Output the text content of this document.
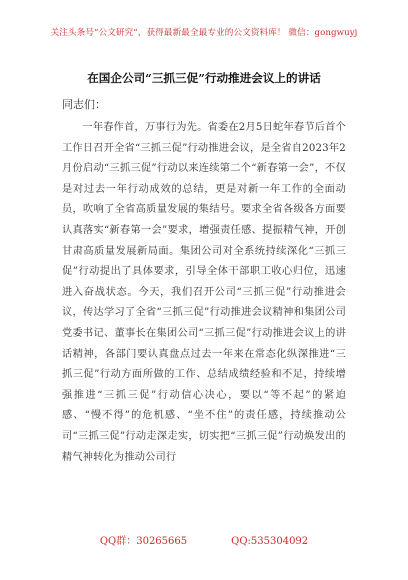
关注头条号“公文研究”，获得最新最全最专业的公文资料库！ 微信：gongwuyj
在国企公司“三抓三促”行动推进会议上的讲话
同志们：

一年春作首，万事行为先。省委在2月5日蛇年春节后首个工作日召开全省“三抓三促”行动推进会议，是全省自2023年2月份启动“三抓三促”行动以来连续第二个“新春第一会”，不仅是对过去一年行动成效的总结，更是对新一年工作的全面动员，吹响了全省高质量发展的集结号。要求全省各级各方面要认真落实“新春第一会”要求，增强责任感、提振精气神，开创甘肃高质量发展新局面。集团公司对全系统持续深化“三抓三促”行动提出了具体要求，引导全体干部职工收心归位，迅速进入奋战状态。今天，我们召开公司“三抓三促”行动推进会议，传达学习了全省“三抓三促”行动推进会议精神和集团公司党委书记、董事长在集团公司“三抓三促”行动推进会议上的讲话精神，各部门要认真盘点过去一年来在常态化纵深推进“三抓三促”行动方面所做的工作、总结成绩经验和不足，持续增强推进“三抓三促”行动信心决心，要以“等不起”的紧迫感、“慢不得”的危机感、“坐不住”的责任感，持续推动公司“三抓三促”行动走深走实，切实把“三抓三促”行动焕发出的精气神转化为推动公司行

QQ群：30265665	QQ:535304092
